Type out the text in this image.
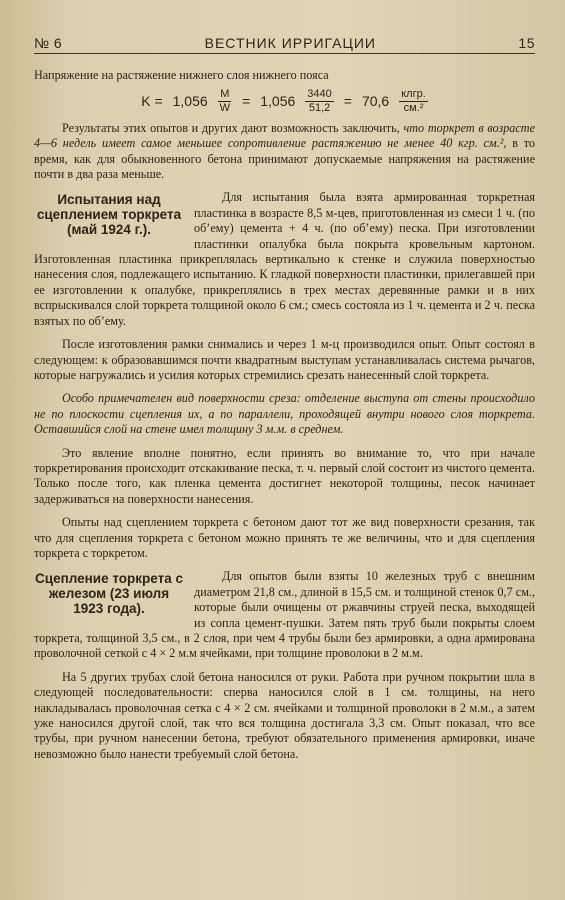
№ 6	ВЕСТНИК ИРРИГАЦИИ	15

Напряжение на растяжение нижнего слоя нижнего пояса

$K = 1,056 \frac{M}{W} = 1,056 \frac{3440}{51,2} = 70,6 \frac{\text{клгр.}}{\text{см.²}}$

Результаты этих опытов и других дают возможность заключить, что торкрет в возрасте 4—6 недель имеет самое меньшее сопротивление растяжению не менее 40 кгр. см.², в то время, как для обыкновенного бетона принимают допускаемые напряжения на растяжение почти в два раза меньше.

Испытания над сцеплением торкрета (май 1924 г.).

Для испытания была взята армированная торкретная пластинка в возрасте 8,5 м-цев, приготовленная из смеси 1 ч. (по об’ему) цемента + 4 ч. (по об’ему) песка. При изготовлении пластинки опалубка была покрыта кровельным картоном. Изготовленная пластинка прикреплялась вертикально к стенке и служила поверхностью нанесения слоя, подлежащего испытанию. К гладкой поверхности пластинки, прилегавшей при ее изготовлении к опалубке, прикреплялись в трех местах деревянные рамки и в них вспрыскивался слой торкрета толщиной около 6 см.; смесь состояла из 1 ч. цемента и 2 ч. песка взятых по об’ему.

После изготовления рамки снимались и через 1 м-ц производился опыт. Опыт состоял в следующем: к образовавшимся почти квадратным выступам устанавливалась система рычагов, которые нагружались и усилия которых стремились срезать нанесенный слой торкрета.

Особо примечателен вид поверхности среза: отделение выступа от стены происходило не по плоскости сцепления их, а по параллели, проходящей внутри нового слоя торкрета. Оставшийся слой на стене имел толщину 3 м.м. в среднем.

Это явление вполне понятно, если принять во внимание то, что при начале торкретирования происходит отскакивание песка, т. ч. первый слой состоит из чистого цемента. Только после того, как пленка цемента достигнет некоторой толщины, песок начинает задерживаться на поверхности нанесения.

Опыты над сцеплением торкрета с бетоном дают тот же вид поверхности срезания, так что для сцепления торкрета с бетоном можно принять те же величины, что и для сцепления торкрета с торкретом.

Сцепление торкрета с железом (23 июля 1923 года).

Для опытов были взяты 10 железных труб с внешним диаметром 21,8 см., длиной в 15,5 см. и толщиной стенок 0,7 см., которые были очищены от ржавчины струей песка, выходящей из сопла цемент-пушки. Затем пять труб были покрыты слоем торкрета, толщиной 3,5 см., в 2 слоя, при чем 4 трубы были без армировки, а одна армирована проволочной сеткой с 4 × 2 м.м ячейками, при толщине проволоки в 2 м.м.

На 5 других трубах слой бетона наносился от руки. Работа при ручном покрытии шла в следующей последовательности: сперва наносился слой в 1 см. толщины, на него накладывалась проволочная сетка с 4 × 2 см. ячейками и толщиной проволоки в 2 м.м., а затем уже наносился другой слой, так что вся толщина достигала 3,3 см. Опыт показал, что все трубы, при ручном нанесении бетона, требуют обязательного применения армировки, иначе невозможно было нанести требуемый слой бетона.
